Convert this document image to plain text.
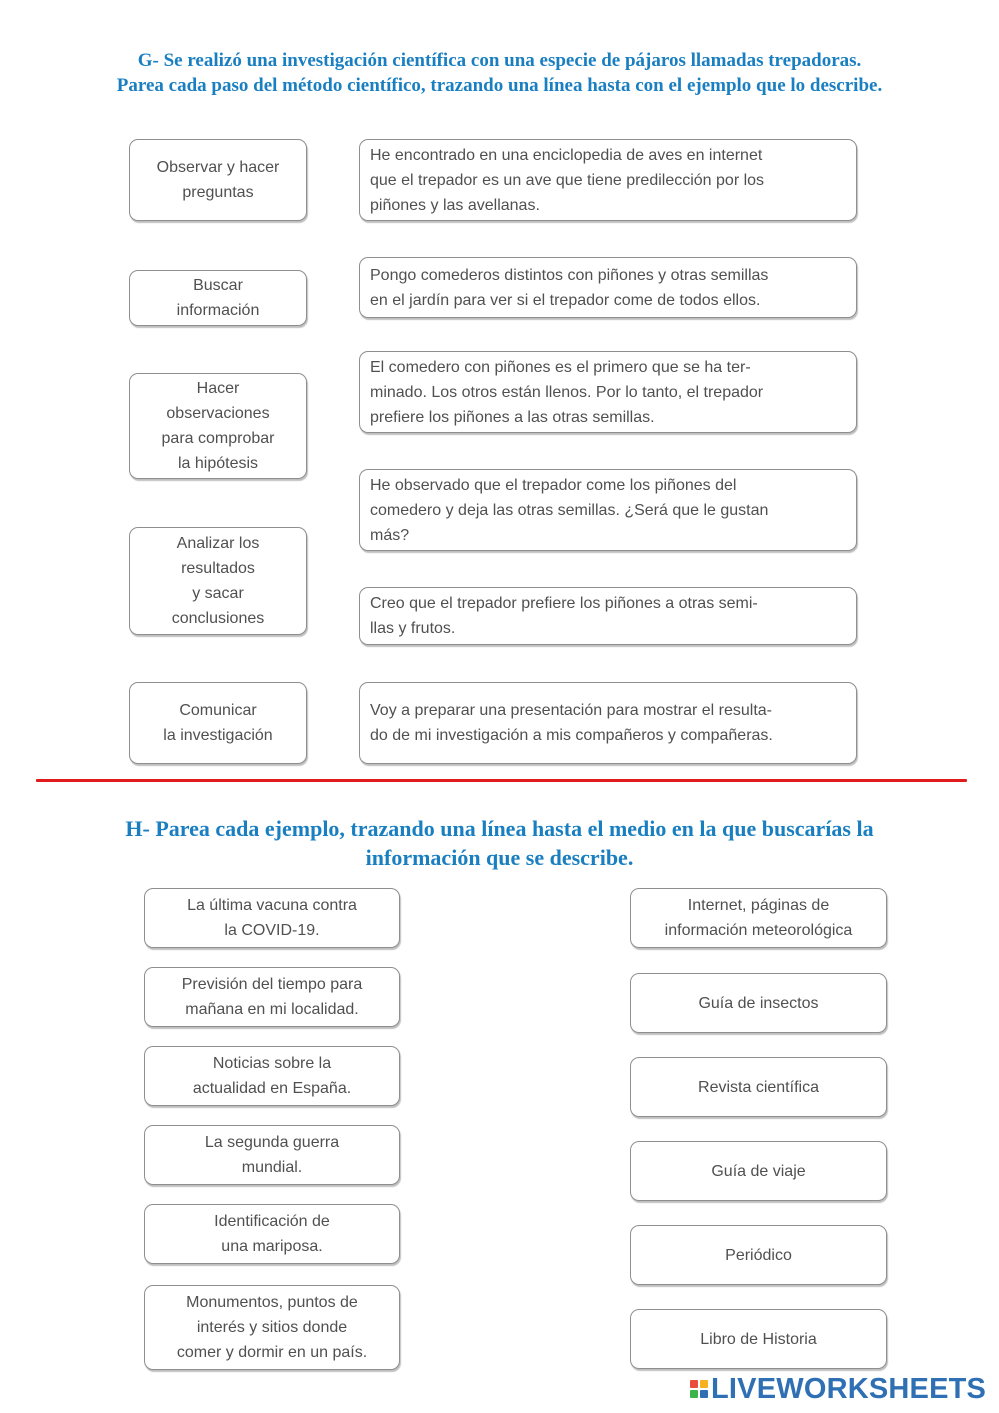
G- Se realizó una investigación científica con una especie de pájaros llamadas trepadoras.
Parea cada paso del método científico, trazando una línea hasta con el ejemplo que lo describe.
Observar y hacer
preguntas
Buscar
información
Hacer
observaciones
para comprobar
la hipótesis
Analizar los
resultados
y sacar
conclusiones
Comunicar
la investigación
He encontrado en una enciclopedia de aves en internet
que el trepador es un ave que tiene predilección por los
piñones y las avellanas.
Pongo comederos distintos con piñones y otras semillas
en el jardín para ver si el trepador come de todos ellos.
El comedero con piñones es el primero que se ha ter-
minado. Los otros están llenos. Por lo tanto, el trepador
prefiere los piñones a las otras semillas.
He observado que el trepador come los piñones del
comedero y deja las otras semillas. ¿Será que le gustan
más?
Creo que el trepador prefiere los piñones a otras semi-
llas y frutos.
Voy a preparar una presentación para mostrar el resulta-
do de mi investigación a mis compañeros y compañeras.
H- Parea cada ejemplo, trazando una línea hasta el medio en la que buscarías la
información que se describe.
La última vacuna contra
la COVID-19.
Previsión del tiempo para
mañana en mi localidad.
Noticias sobre la
actualidad en España.
La segunda guerra
mundial.
Identificación de
una mariposa.
Monumentos, puntos de
interés y sitios donde
comer y dormir en un país.
Internet, páginas de
información meteorológica
Guía de insectos
Revista científica
Guía de viaje
Periódico
Libro de Historia
LIVEWORKSHEETS
